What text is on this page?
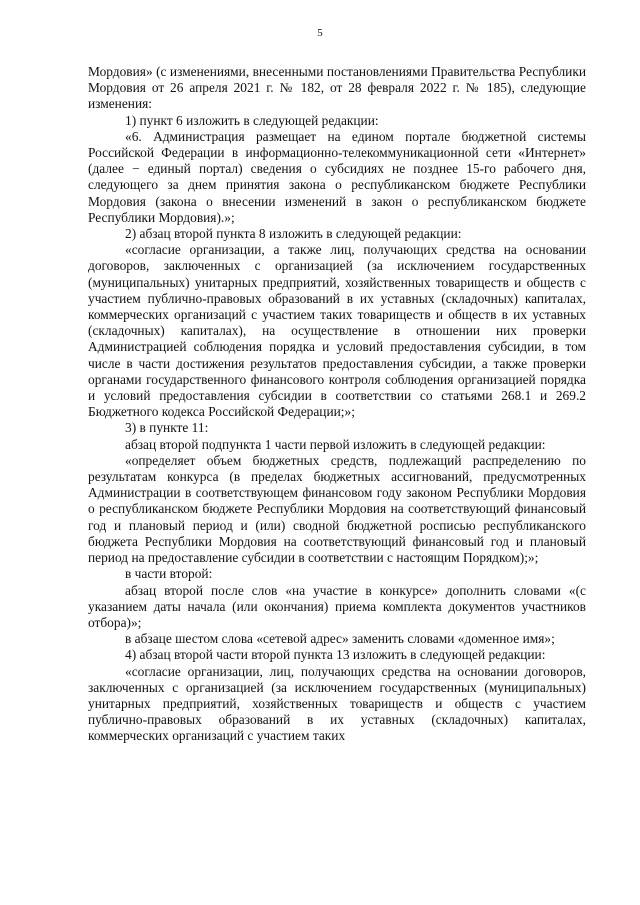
5

Мордовия» (с изменениями, внесенными постановлениями Правительства Республики Мордовия от 26 апреля 2021 г. № 182, от 28 февраля 2022 г. № 185), следующие изменения:

1) пункт 6 изложить в следующей редакции:

«6. Администрация размещает на едином портале бюджетной системы Российской Федерации в информационно-телекоммуникационной сети «Интернет» (далее − единый портал) сведения о субсидиях не позднее 15-го рабочего дня, следующего за днем принятия закона о республиканском бюджете Республики Мордовия (закона о внесении изменений в закон о республиканском бюджете Республики Мордовия).»;

2) абзац второй пункта 8 изложить в следующей редакции:

«согласие организации, а также лиц, получающих средства на основании договоров, заключенных с организацией (за исключением государственных (муниципальных) унитарных предприятий, хозяйственных товариществ и обществ с участием публично-правовых образований в их уставных (складочных) капиталах, коммерческих организаций с участием таких товариществ и обществ в их уставных (складочных) капиталах), на осуществление в отношении них проверки Администрацией соблюдения порядка и условий предоставления субсидии, в том числе в части достижения результатов предоставления субсидии, а также проверки органами государственного финансового контроля соблюдения организацией порядка и условий предоставления субсидии в соответствии со статьями 268.1 и 269.2 Бюджетного кодекса Российской Федерации;»;

3) в пункте 11:

абзац второй подпункта 1 части первой изложить в следующей редакции:

«определяет объем бюджетных средств, подлежащий распределению по результатам конкурса (в пределах бюджетных ассигнований, предусмотренных Администрации в соответствующем финансовом году законом Республики Мордовия о республиканском бюджете Республики Мордовия на соответствующий финансовый год и плановый период и (или) сводной бюджетной росписью республиканского бюджета Республики Мордовия на соответствующий финансовый год и плановый период на предоставление субсидии в соответствии с настоящим Порядком);»;

в части второй:

абзац второй после слов «на участие в конкурсе» дополнить словами «(с указанием даты начала (или окончания) приема комплекта документов участников отбора)»;

в абзаце шестом слова «сетевой адрес» заменить словами «доменное имя»;

4) абзац второй части второй пункта 13 изложить в следующей редакции:

«согласие организации, лиц, получающих средства на основании договоров, заключенных с организацией (за исключением государственных (муниципальных) унитарных предприятий, хозяйственных товариществ и обществ с участием публично-правовых образований в их уставных (складочных) капиталах, коммерческих организаций с участием таких
